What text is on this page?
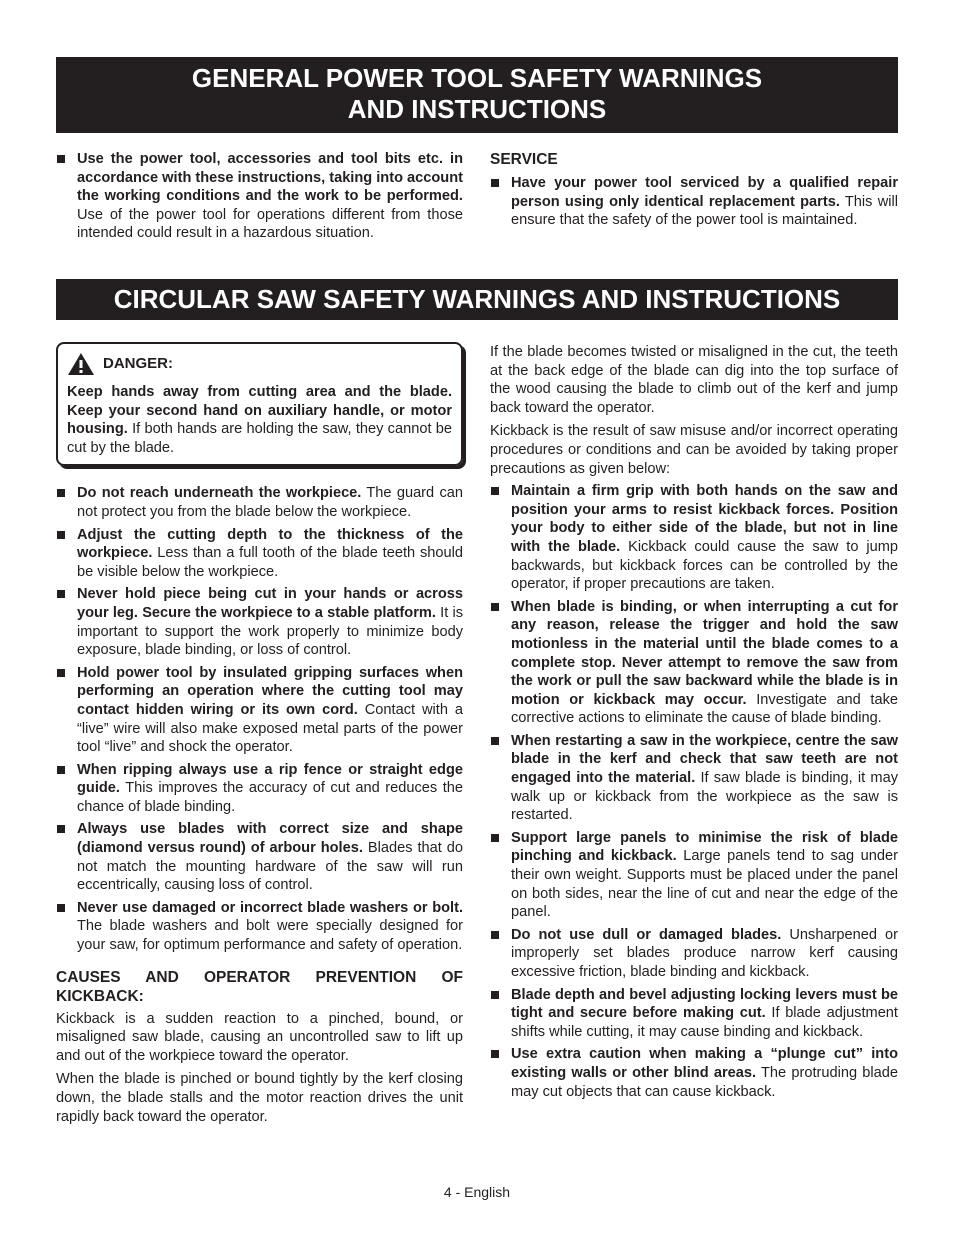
GENERAL POWER TOOL SAFETY WARNINGS
AND INSTRUCTIONS

Use the power tool, accessories and tool bits etc. in accordance with these instructions, taking into account the working conditions and the work to be performed. Use of the power tool for operations different from those intended could result in a hazardous situation.

SERVICE

Have your power tool serviced by a qualified repair person using only identical replacement parts. This will ensure that the safety of the power tool is maintained.

CIRCULAR SAW SAFETY WARNINGS AND INSTRUCTIONS
DANGER:

Keep hands away from cutting area and the blade. Keep your second hand on auxiliary handle, or motor housing. If both hands are holding the saw, they cannot be cut by the blade.

Do not reach underneath the workpiece. The guard can not protect you from the blade below the workpiece.

Adjust the cutting depth to the thickness of the workpiece. Less than a full tooth of the blade teeth should be visible below the workpiece.

Never hold piece being cut in your hands or across your leg. Secure the workpiece to a stable platform. It is important to support the work properly to minimize body exposure, blade binding, or loss of control.

Hold power tool by insulated gripping surfaces when performing an operation where the cutting tool may contact hidden wiring or its own cord. Contact with a “live” wire will also make exposed metal parts of the power tool “live” and shock the operator.

When ripping always use a rip fence or straight edge guide. This improves the accuracy of cut and reduces the chance of blade binding.

Always use blades with correct size and shape (diamond versus round) of arbour holes. Blades that do not match the mounting hardware of the saw will run eccentrically, causing loss of control.

Never use damaged or incorrect blade washers or bolt. The blade washers and bolt were specially designed for your saw, for optimum performance and safety of operation.

CAUSES AND OPERATOR PREVENTION OF KICKBACK:

Kickback is a sudden reaction to a pinched, bound, or misaligned saw blade, causing an uncontrolled saw to lift up and out of the workpiece toward the operator.

When the blade is pinched or bound tightly by the kerf closing down, the blade stalls and the motor reaction drives the unit rapidly back toward the operator.

If the blade becomes twisted or misaligned in the cut, the teeth at the back edge of the blade can dig into the top surface of the wood causing the blade to climb out of the kerf and jump back toward the operator.

Kickback is the result of saw misuse and/or incorrect operating procedures or conditions and can be avoided by taking proper precautions as given below:

Maintain a firm grip with both hands on the saw and position your arms to resist kickback forces. Position your body to either side of the blade, but not in line with the blade. Kickback could cause the saw to jump backwards, but kickback forces can be controlled by the operator, if proper precautions are taken.

When blade is binding, or when interrupting a cut for any reason, release the trigger and hold the saw motionless in the material until the blade comes to a complete stop. Never attempt to remove the saw from the work or pull the saw backward while the blade is in motion or kickback may occur. Investigate and take corrective actions to eliminate the cause of blade binding.

When restarting a saw in the workpiece, centre the saw blade in the kerf and check that saw teeth are not engaged into the material. If saw blade is binding, it may walk up or kickback from the workpiece as the saw is restarted.

Support large panels to minimise the risk of blade pinching and kickback. Large panels tend to sag under their own weight. Supports must be placed under the panel on both sides, near the line of cut and near the edge of the panel.

Do not use dull or damaged blades. Unsharpened or improperly set blades produce narrow kerf causing excessive friction, blade binding and kickback.

Blade depth and bevel adjusting locking levers must be tight and secure before making cut. If blade adjustment shifts while cutting, it may cause binding and kickback.

Use extra caution when making a “plunge cut” into existing walls or other blind areas. The protruding blade may cut objects that can cause kickback.

4 - English
